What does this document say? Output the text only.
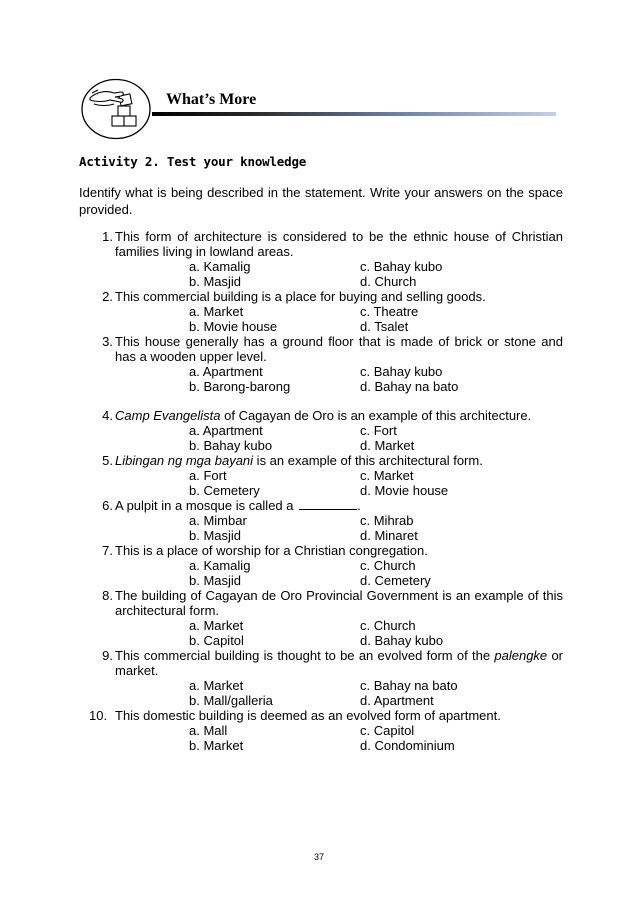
What’s More
Activity 2. Test your knowledge
Identify what is being described in the statement. Write your answers on the space provided.
1. This form of architecture is considered to be the ethnic house of Christian families living in lowland areas.
a. Kamalig	c. Bahay kubo
b. Masjid	d. Church
2. This commercial building is a place for buying and selling goods.
a. Market	c. Theatre
b. Movie house	d. Tsalet
3. This house generally has a ground floor that is made of brick or stone and has a wooden upper level.
a. Apartment	c. Bahay kubo
b. Barong-barong	d. Bahay na bato
4. Camp Evangelista of Cagayan de Oro is an example of this architecture.
a. Apartment	c. Fort
b. Bahay kubo	d. Market
5. Libingan ng mga bayani is an example of this architectural form.
a. Fort	c. Market
b. Cemetery	d. Movie house
6. A pulpit in a mosque is called a	.
a. Mimbar	c. Mihrab
b. Masjid	d. Minaret
7. This is a place of worship for a Christian congregation.
a. Kamalig	c. Church
b. Masjid	d. Cemetery
8. The building of Cagayan de Oro Provincial Government is an example of this architectural form.
a. Market	c. Church
b. Capitol	d. Bahay kubo
9. This commercial building is thought to be an evolved form of the palengke or market.
a. Market	c. Bahay na bato
b. Mall/galleria	d. Apartment
10. This domestic building is deemed as an evolved form of apartment.
a. Mall	c. Capitol
b. Market	d. Condominium
37
